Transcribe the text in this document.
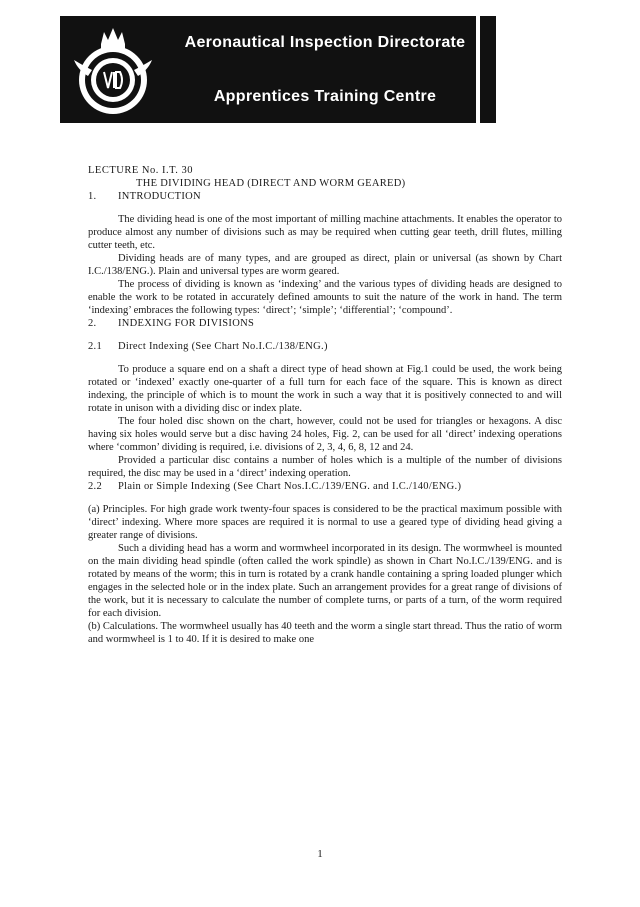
Aeronautical Inspection Directorate
Apprentices Training Centre

LECTURE No. I.T. 30

THE DIVIDING HEAD (DIRECT AND WORM GEARED)

1.	INTRODUCTION

The dividing head is one of the most important of milling machine attachments. It enables the operator to produce almost any number of divisions such as may be required when cutting gear teeth, drill flutes, milling cutter teeth, etc.

Dividing heads are of many types, and are grouped as direct, plain or universal (as shown by Chart I.C./138/ENG.). Plain and universal types are worm geared.

The process of dividing is known as ‘indexing’ and the various types of dividing heads are designed to enable the work to be rotated in accurately defined amounts to suit the nature of the work in hand. The term ‘indexing’ embraces the following types: ‘direct’; ‘simple’; ‘differential’; ‘compound’.

2.	INDEXING FOR DIVISIONS
2.1	Direct Indexing (See Chart No.I.C./138/ENG.)

To produce a square end on a shaft a direct type of head shown at Fig.1 could be used, the work being rotated or ‘indexed’ exactly one-quarter of a full turn for each face of the square. This is known as direct indexing, the principle of which is to mount the work in such a way that it is positively connected to and will rotate in unison with a dividing disc or index plate.

The four holed disc shown on the chart, however, could not be used for triangles or hexagons. A disc having six holes would serve but a disc having 24 holes, Fig. 2, can be used for all ‘direct’ indexing operations where ‘common’ dividing is required, i.e. divisions of 2, 3, 4, 6, 8, 12 and 24.

Provided a particular disc contains a number of holes which is a multiple of the number of divisions required, the disc may be used in a ‘direct’ indexing operation.

2.2	Plain or Simple Indexing (See Chart Nos.I.C./139/ENG. and I.C./140/ENG.)

(a) Principles. For high grade work twenty-four spaces is considered to be the practical maximum possible with ‘direct’ indexing. Where more spaces are required it is normal to use a geared type of dividing head giving a greater range of divisions.

Such a dividing head has a worm and wormwheel incorporated in its design. The wormwheel is mounted on the main dividing head spindle (often called the work spindle) as shown in Chart No.I.C./139/ENG. and is rotated by means of the worm; this in turn is rotated by a crank handle containing a spring loaded plunger which engages in the selected hole or in the index plate. Such an arrangement provides for a great range of divisions of the work, but it is necessary to calculate the number of complete turns, or parts of a turn, of the worm required for each division.

(b) Calculations. The wormwheel usually has 40 teeth and the worm a single start thread. Thus the ratio of worm and wormwheel is 1 to 40. If it is desired to make one

1
